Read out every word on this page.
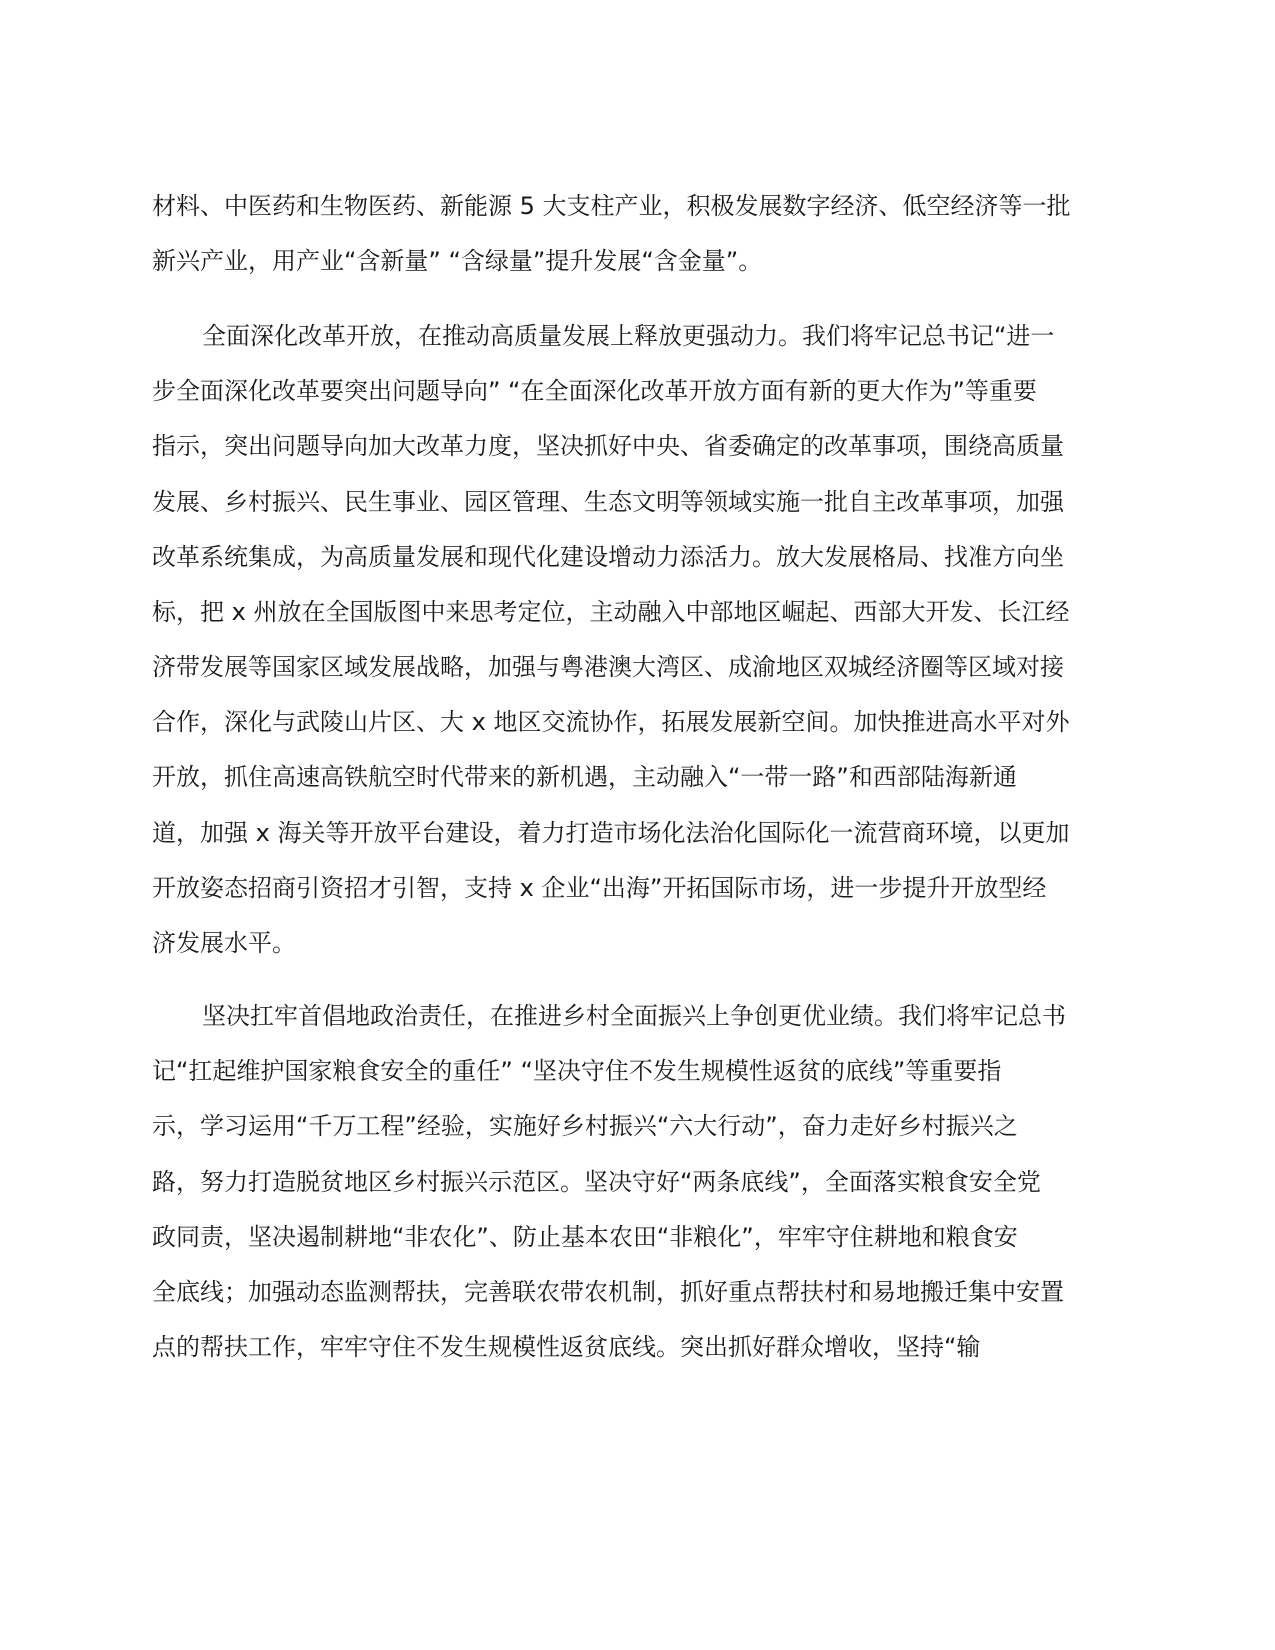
材料、中医药和生物医药、新能源 5 大支柱产业，积极发展数字经济、低空经济等一批
新兴产业，用产业“含新量” “含绿量”提升发展“含金量”。
全面深化改革开放，在推动高质量发展上释放更强动力。我们将牢记总书记“进一
步全面深化改革要突出问题导向” “在全面深化改革开放方面有新的更大作为”等重要
指示，突出问题导向加大改革力度，坚决抓好中央、省委确定的改革事项，围绕高质量
发展、乡村振兴、民生事业、园区管理、生态文明等领域实施一批自主改革事项，加强
改革系统集成，为高质量发展和现代化建设增动力添活力。放大发展格局、找准方向坐
标，把 x 州放在全国版图中来思考定位，主动融入中部地区崛起、西部大开发、长江经
济带发展等国家区域发展战略，加强与粤港澳大湾区、成渝地区双城经济圈等区域对接
合作，深化与武陵山片区、大 x 地区交流协作，拓展发展新空间。加快推进高水平对外
开放，抓住高速高铁航空时代带来的新机遇，主动融入“一带一路”和西部陆海新通
道，加强 x 海关等开放平台建设，着力打造市场化法治化国际化一流营商环境，以更加
开放姿态招商引资招才引智，支持 x 企业“出海”开拓国际市场，进一步提升开放型经
济发展水平。
坚决扛牢首倡地政治责任，在推进乡村全面振兴上争创更优业绩。我们将牢记总书
记“扛起维护国家粮食安全的重任” “坚决守住不发生规模性返贫的底线”等重要指
示，学习运用“千万工程”经验，实施好乡村振兴“六大行动”，奋力走好乡村振兴之
路，努力打造脱贫地区乡村振兴示范区。坚决守好“两条底线”，全面落实粮食安全党
政同责，坚决遏制耕地“非农化”、防止基本农田“非粮化”，牢牢守住耕地和粮食安
全底线；加强动态监测帮扶，完善联农带农机制，抓好重点帮扶村和易地搬迁集中安置
点的帮扶工作，牢牢守住不发生规模性返贫底线。突出抓好群众增收，坚持“输
